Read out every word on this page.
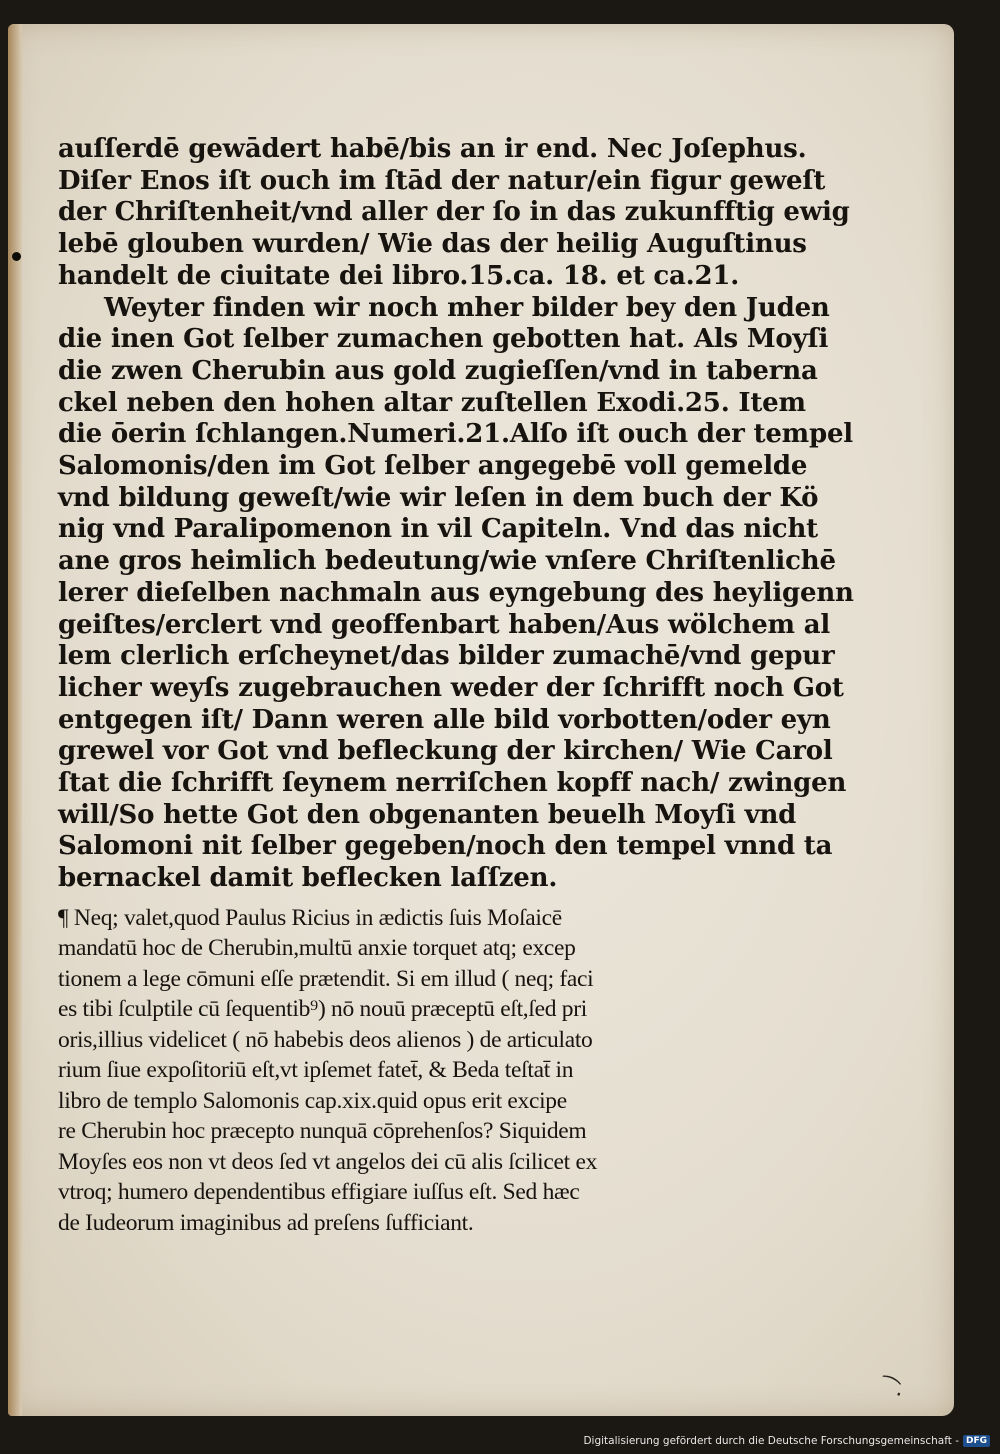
auſſerdē gewādert habē/bis an ir end. Nec Joſephus.

Diſer Enos iſt ouch im ſtād der natur/ein figur geweſt

der Chriſtenheit/vnd aller der ſo in das zukunfftig ewig

lebē glouben wurden/ Wie das der heilig Auguſtinus

handelt de ciuitate dei libro.15.ca. 18. et ca.21.

Weyter finden wir noch mher bilder bey den Juden

die inen Got ſelber zumachen gebotten hat. Als Moyſi

die zwen Cherubin aus gold zugieſſen/vnd in taberna

ckel neben den hohen altar zuſtellen Exodi.25. Item

die ōerin ſchlangen.Numeri.21.Alſo iſt ouch der tempel

Salomonis/den im Got ſelber angegebē voll gemelde

vnd bildung geweſt/wie wir leſen in dem buch der Kö

nig vnd Paralipomenon in vil Capiteln. Vnd das nicht

ane gros heimlich bedeutung/wie vnſere Chriſtenlichē

lerer dieſelben nachmaln aus eyngebung des heyligenn

geiſtes/erclert vnd geoffenbart haben/Aus wölchem al

lem clerlich erſcheynet/das bilder zumachē/vnd gepur

licher weyſs zugebrauchen weder der ſchrifft noch Got

entgegen iſt/ Dann weren alle bild vorbotten/oder eyn

grewel vor Got vnd befleckung der kirchen/ Wie Carol

ſtat die ſchrifft ſeynem nerriſchen kopff nach/ zwingen

will/So hette Got den obgenanten beuelh Moyſi vnd

Salomoni nit ſelber gegeben/noch den tempel vnnd ta

bernackel damit beflecken laſſzen.

¶ Neq; valet,quod Paulus Ricius in ædictis ſuis Moſaicē

mandatū hoc de Cherubin,multū anxie torquet atq; excep

tionem a lege cōmuni eſſe prætendit. Si em illud ( neq; faci

es tibi ſculptile cū ſequentib⁹) nō nouū præceptū eſt,ſed pri

oris,illius videlicet ( nō habebis deos alienos ) de articulato

rium ſiue expoſitoriū eſt,vt ipſemet fatet̄, & Beda teſtat̄ in

libro de templo Salomonis cap.xix.quid opus erit excipe

re Cherubin hoc præcepto nunquā cōprehenſos? Siquidem

Moyſes eos non vt deos ſed vt angelos dei cū alis ſcilicet ex

vtroq; humero dependentibus effigiare iuſſus eſt. Sed hæc

de Iudeorum imaginibus ad preſens ſufficiant.

⁀·
Digitalisierung gefördert durch die Deutsche Forschungsgemeinschaft - DFG
